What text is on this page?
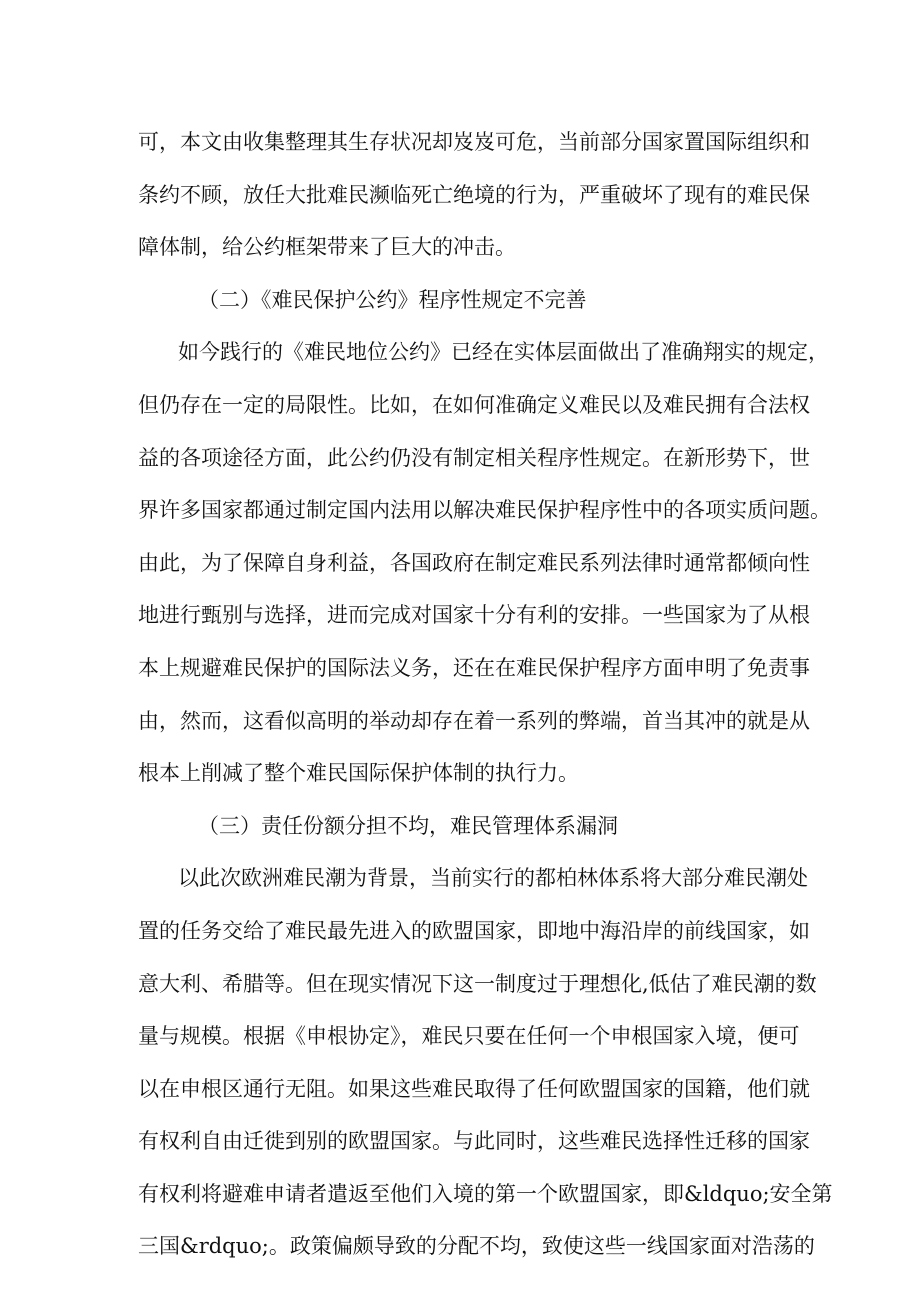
可，本文由收集整理其生存状况却岌岌可危，当前部分国家置国际组织和
条约不顾，放任大批难民濒临死亡绝境的行为，严重破坏了现有的难民保
障体制，给公约框架带来了巨大的冲击。
（二）《难民保护公约》程序性规定不完善
如今践行的《难民地位公约》已经在实体层面做出了准确翔实的规定，
但仍存在一定的局限性。比如，在如何准确定义难民以及难民拥有合法权
益的各项途径方面，此公约仍没有制定相关程序性规定。在新形势下，世
界许多国家都通过制定国内法用以解决难民保护程序性中的各项实质问题。
由此，为了保障自身利益，各国政府在制定难民系列法律时通常都倾向性
地进行甄别与选择，进而完成对国家十分有利的安排。一些国家为了从根
本上规避难民保护的国际法义务，还在在难民保护程序方面申明了免责事
由，然而，这看似高明的举动却存在着一系列的弊端，首当其冲的就是从
根本上削减了整个难民国际保护体制的执行力。
（三）责任份额分担不均，难民管理体系漏洞
以此次欧洲难民潮为背景，当前实行的都柏林体系将大部分难民潮处
置的任务交给了难民最先进入的欧盟国家，即地中海沿岸的前线国家，如
意大利、希腊等。但在现实情况下这一制度过于理想化,低估了难民潮的数
量与规模。根据《申根协定》，难民只要在任何一个申根国家入境，便可
以在申根区通行无阻。如果这些难民取得了任何欧盟国家的国籍，他们就
有权利自由迁徙到别的欧盟国家。与此同时，这些难民选择性迁移的国家
有权利将避难申请者遣返至他们入境的第一个欧盟国家，即&ldquo;安全第
三国&rdquo;。政策偏颇导致的分配不均，致使这些一线国家面对浩荡的
